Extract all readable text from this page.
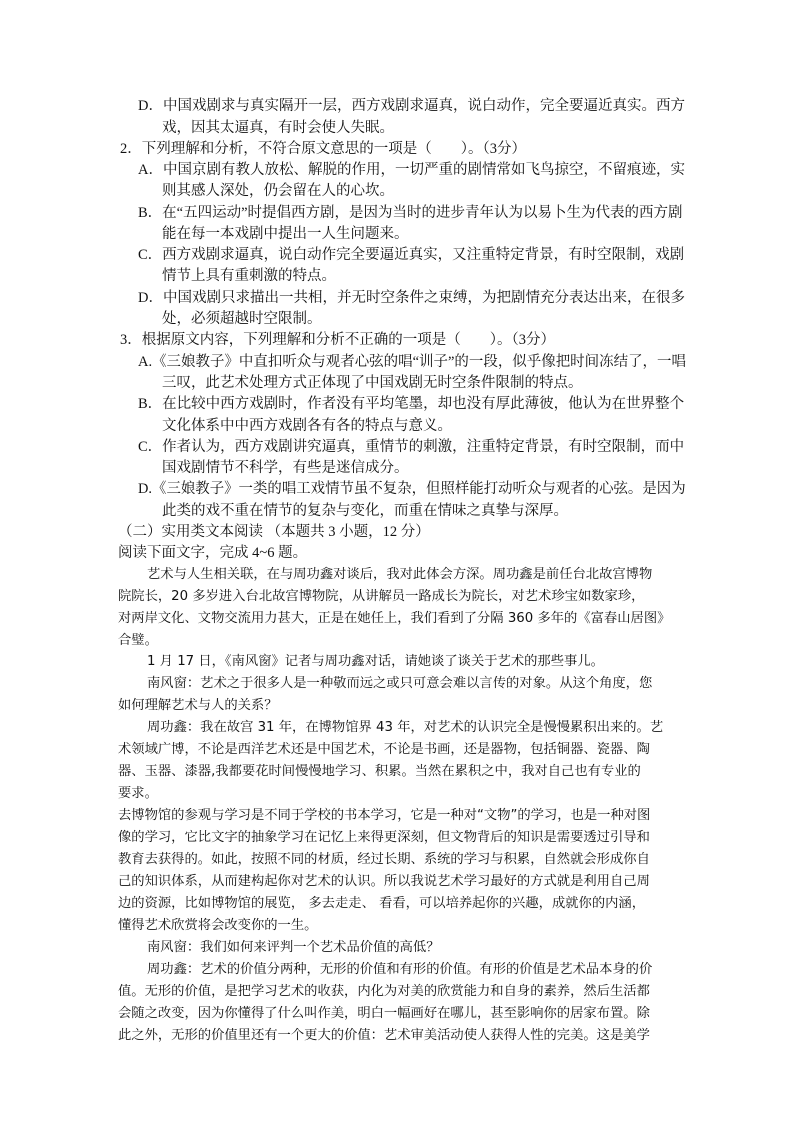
D．中国戏剧求与真实隔开一层，西方戏剧求逼真，说白动作，完全要逼近真实。西方
戏，因其太逼真，有时会使人失眠。
2．下列理解和分析，不符合原文意思的一项是（　　）。（3分）
A．中国京剧有教人放松、解脱的作用，一切严重的剧情常如飞鸟掠空，不留痕迹，实
则其感人深处，仍会留在人的心坎。
B．在“五四运动”时提倡西方剧，是因为当时的进步青年认为以易卜生为代表的西方剧
能在每一本戏剧中提出一人生问题来。
C．西方戏剧求逼真，说白动作完全要逼近真实，又注重特定背景，有时空限制，戏剧
情节上具有重刺激的特点。
D．中国戏剧只求描出一共相，并无时空条件之束缚，为把剧情充分表达出来，在很多
处，必须超越时空限制。
3．根据原文内容，下列理解和分析不正确的一项是（　　）。（3分）
A.《三娘教子》中直扣听众与观者心弦的唱“训子”的一段，似乎像把时间冻结了，一唱
三叹，此艺术处理方式正体现了中国戏剧无时空条件限制的特点。
B．在比较中西方戏剧时，作者没有平均笔墨，却也没有厚此薄彼，他认为在世界整个
文化体系中中西方戏剧各有各的特点与意义。
C．作者认为，西方戏剧讲究逼真，重情节的刺激，注重特定背景，有时空限制，而中
国戏剧情节不科学，有些是迷信成分。
D.《三娘教子》一类的唱工戏情节虽不复杂，但照样能打动听众与观者的心弦。是因为
此类的戏不重在情节的复杂与变化，而重在情味之真挚与深厚。
（二）实用类文本阅读 （本题共 3 小题，12 分）
阅读下面文字，完成 4~6 题。
艺术与人生相关联，在与周功鑫对谈后，我对此体会方深。周功鑫是前任台北故宫博物
院院长，20 多岁进入台北故宫博物院，从讲解员一路成长为院长，对艺术珍宝如数家珍，
对两岸文化、文物交流用力甚大，正是在她任上，我们看到了分隔 360 多年的《富春山居图》
合璧。
1 月 17 日，《南风窗》记者与周功鑫对话，请她谈了谈关于艺术的那些事儿。
南风窗：艺术之于很多人是一种敬而远之或只可意会难以言传的对象。从这个角度，您
如何理解艺术与人的关系？
周功鑫：我在故宫 31 年，在博物馆界 43 年，对艺术的认识完全是慢慢累积出来的。艺
术领域广博，不论是西洋艺术还是中国艺术，不论是书画，还是器物，包括铜器、瓷器、陶
器、玉器、漆器,我都要花时间慢慢地学习、积累。当然在累积之中，我对自己也有专业的
要求。
去博物馆的参观与学习是不同于学校的书本学习，它是一种对“文物”的学习，也是一种对图
像的学习，它比文字的抽象学习在记忆上来得更深刻，但文物背后的知识是需要透过引导和
教育去获得的。如此，按照不同的材质，经过长期、系统的学习与积累，自然就会形成你自
己的知识体系，从而建构起你对艺术的认识。所以我说艺术学习最好的方式就是利用自己周
边的资源，比如博物馆的展览， 多去走走、 看看，可以培养起你的兴趣，成就你的内涵，
懂得艺术欣赏将会改变你的一生。
南风窗：我们如何来评判一个艺术品价值的高低？
周功鑫：艺术的价值分两种，无形的价值和有形的价值。有形的价值是艺术品本身的价
值。无形的价值，是把学习艺术的收获，内化为对美的欣赏能力和自身的素养，然后生活都
会随之改变，因为你懂得了什么叫作美，明白一幅画好在哪儿，甚至影响你的居家布置。除
此之外，无形的价值里还有一个更大的价值：艺术审美活动使人获得人性的完美。这是美学
